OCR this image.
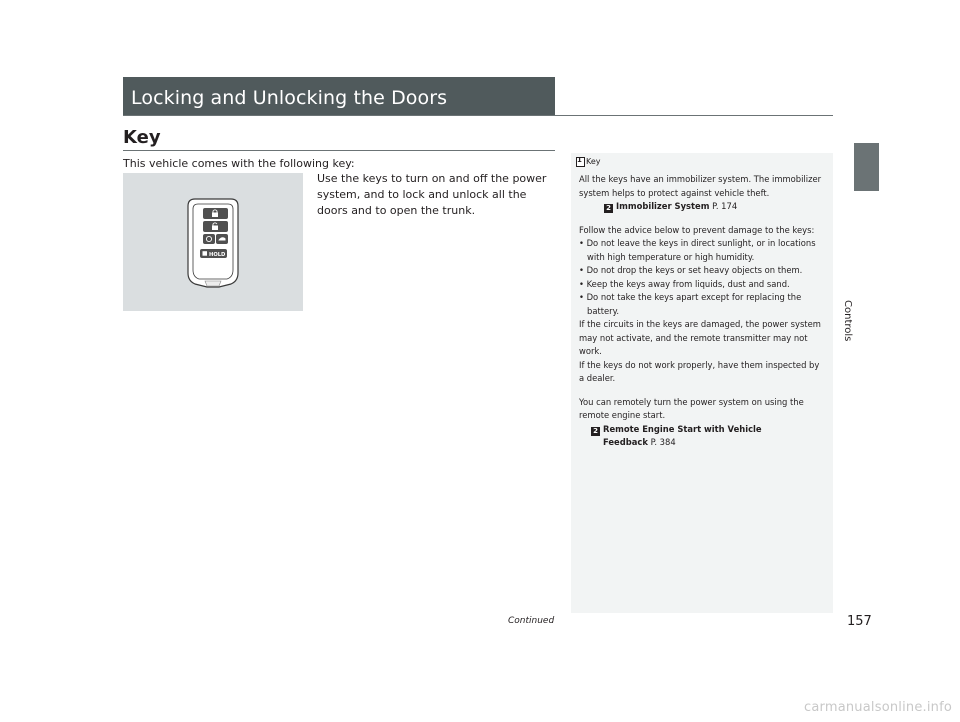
Locking and Unlocking the Doors
Key
This vehicle comes with the following key:
Use the keys to turn on and off the power system, and to lock and unlock all the doors and to open the trunk.
HOLD
Controls
1 Key

All the keys have an immobilizer system. The immobilizer system helps to protect against vehicle theft.

2 Immobilizer System P. 174

Follow the advice below to prevent damage to the keys:

• Do not leave the keys in direct sunlight, or in locations with high temperature or high humidity.

• Do not drop the keys or set heavy objects on them.

• Keep the keys away from liquids, dust and sand.

• Do not take the keys apart except for replacing the battery.

If the circuits in the keys are damaged, the power system may not activate, and the remote transmitter may not work.

If the keys do not work properly, have them inspected by a dealer.

You can remotely turn the power system on using the remote engine start.

2 Remote Engine Start with Vehicle
Feedback P. 384

Continued	157
carmanualsonline.info
